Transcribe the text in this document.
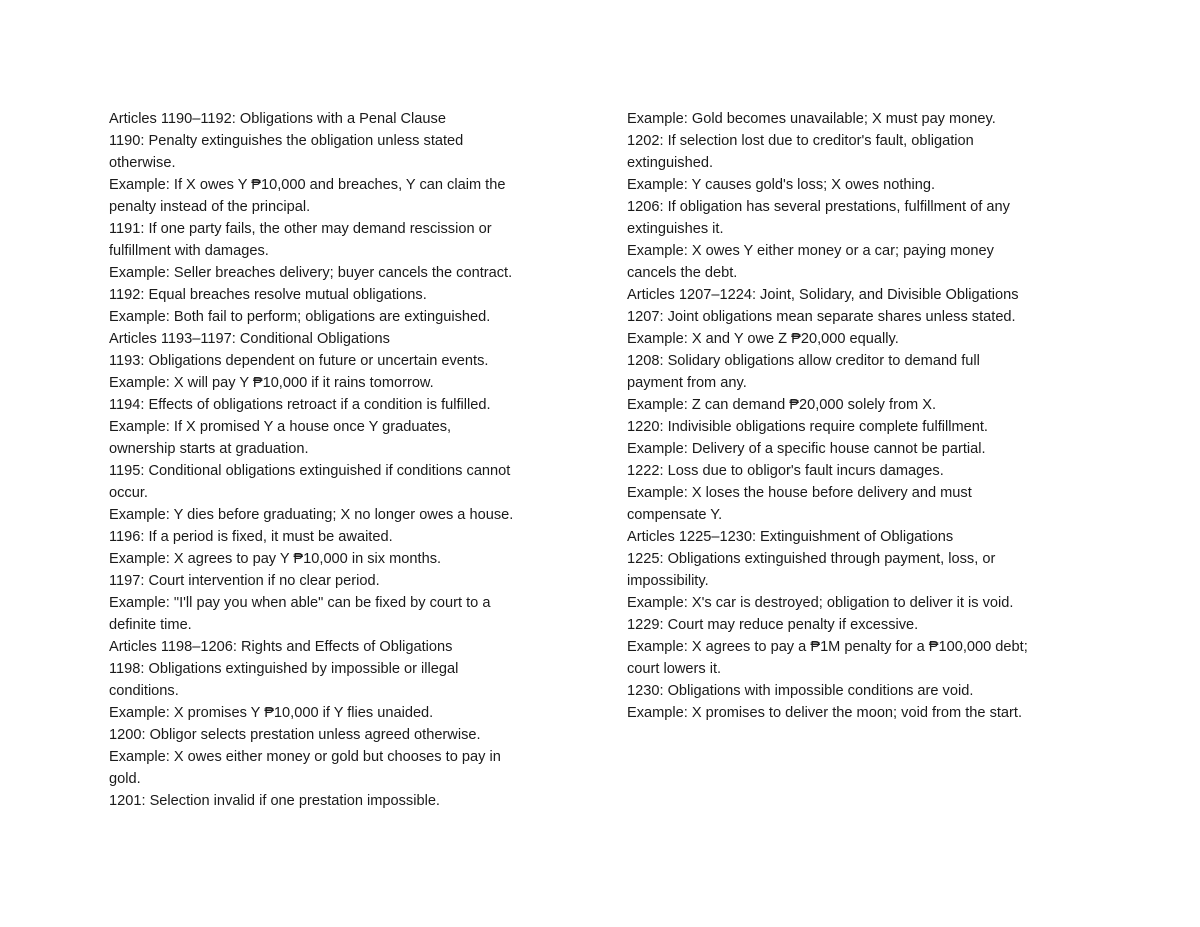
Articles 1190–1192: Obligations with a Penal Clause
1190: Penalty extinguishes the obligation unless stated
otherwise.
Example: If X owes Y ₱10,000 and breaches, Y can claim the
penalty instead of the principal.
1191: If one party fails, the other may demand rescission or
fulfillment with damages.
Example: Seller breaches delivery; buyer cancels the contract.
1192: Equal breaches resolve mutual obligations.
Example: Both fail to perform; obligations are extinguished.
Articles 1193–1197: Conditional Obligations
1193: Obligations dependent on future or uncertain events.
Example: X will pay Y ₱10,000 if it rains tomorrow.
1194: Effects of obligations retroact if a condition is fulfilled.
Example: If X promised Y a house once Y graduates,
ownership starts at graduation.
1195: Conditional obligations extinguished if conditions cannot
occur.
Example: Y dies before graduating; X no longer owes a house.
1196: If a period is fixed, it must be awaited.
Example: X agrees to pay Y ₱10,000 in six months.
1197: Court intervention if no clear period.
Example: "I'll pay you when able" can be fixed by court to a
definite time.
Articles 1198–1206: Rights and Effects of Obligations
1198: Obligations extinguished by impossible or illegal
conditions.
Example: X promises Y ₱10,000 if Y flies unaided.
1200: Obligor selects prestation unless agreed otherwise.
Example: X owes either money or gold but chooses to pay in
gold.
1201: Selection invalid if one prestation impossible.
Example: Gold becomes unavailable; X must pay money.
1202: If selection lost due to creditor's fault, obligation
extinguished.
Example: Y causes gold's loss; X owes nothing.
1206: If obligation has several prestations, fulfillment of any
extinguishes it.
Example: X owes Y either money or a car; paying money
cancels the debt.
Articles 1207–1224: Joint, Solidary, and Divisible Obligations
1207: Joint obligations mean separate shares unless stated.
Example: X and Y owe Z ₱20,000 equally.
1208: Solidary obligations allow creditor to demand full
payment from any.
Example: Z can demand ₱20,000 solely from X.
1220: Indivisible obligations require complete fulfillment.
Example: Delivery of a specific house cannot be partial.
1222: Loss due to obligor's fault incurs damages.
Example: X loses the house before delivery and must
compensate Y.
Articles 1225–1230: Extinguishment of Obligations
1225: Obligations extinguished through payment, loss, or
impossibility.
Example: X's car is destroyed; obligation to deliver it is void.
1229: Court may reduce penalty if excessive.
Example: X agrees to pay a ₱1M penalty for a ₱100,000 debt;
court lowers it.
1230: Obligations with impossible conditions are void.
Example: X promises to deliver the moon; void from the start.
